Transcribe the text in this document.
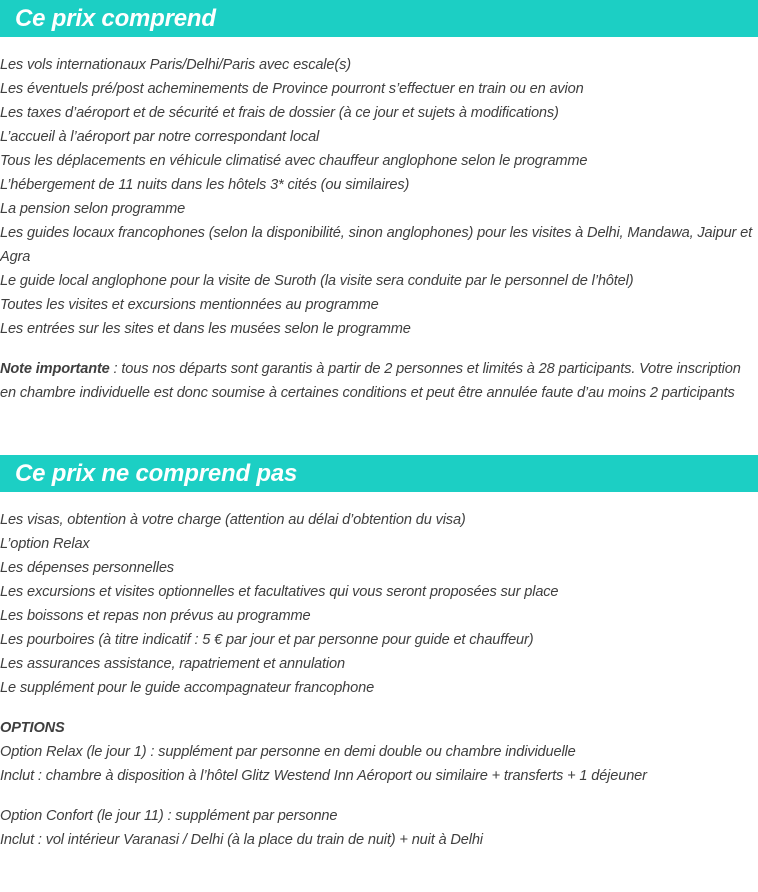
Ce prix comprend
Les vols internationaux Paris/Delhi/Paris avec escale(s)
Les éventuels pré/post acheminements de Province pourront s’effectuer en train ou en avion
Les taxes d’aéroport et de sécurité et frais de dossier (à ce jour et sujets à modifications)
L’accueil à l’aéroport par notre correspondant local
Tous les déplacements en véhicule climatisé avec chauffeur anglophone selon le programme
L’hébergement de 11 nuits dans les hôtels 3* cités (ou similaires)
La pension selon programme
Les guides locaux francophones (selon la disponibilité, sinon anglophones) pour les visites à Delhi, Mandawa, Jaipur et Agra
Le guide local anglophone pour la visite de Suroth (la visite sera conduite par le personnel de l’hôtel)
Toutes les visites et excursions mentionnées au programme
Les entrées sur les sites et dans les musées selon le programme

Note importante : tous nos départs sont garantis à partir de 2 personnes et limités à 28 participants. Votre inscription en chambre individuelle est donc soumise à certaines conditions et peut être annulée faute d’au moins 2 participants

Ce prix ne comprend pas
Les visas, obtention à votre charge (attention au délai d’obtention du visa)
L’option Relax
Les dépenses personnelles
Les excursions et visites optionnelles et facultatives qui vous seront proposées sur place
Les boissons et repas non prévus au programme
Les pourboires (à titre indicatif : 5 € par jour et par personne pour guide et chauffeur)
Les assurances assistance, rapatriement et annulation
Le supplément pour le guide accompagnateur francophone

OPTIONS

Option Relax (le jour 1) : supplément par personne en demi double ou chambre individuelle

Inclut : chambre à disposition à l’hôtel Glitz Westend Inn Aéroport ou similaire + transferts + 1 déjeuner

Option Confort (le jour 11) : supplément par personne

Inclut : vol intérieur Varanasi / Delhi (à la place du train de nuit) + nuit à Delhi
